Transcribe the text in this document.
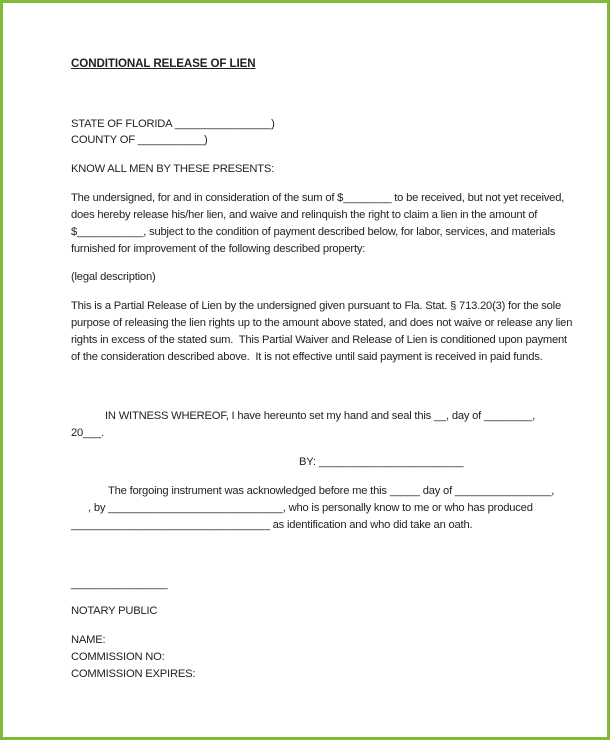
CONDITIONAL RELEASE OF LIEN
STATE OF FLORIDA ________________)
COUNTY OF ___________)
KNOW ALL MEN BY THESE PRESENTS:
The undersigned, for and in consideration of the sum of $________ to be received, but not yet received,
does hereby release his/her lien, and waive and relinquish the right to claim a lien in the amount of
$___________, subject to the condition of payment described below, for labor, services, and materials
furnished for improvement of the following described property:
(legal description)
This is a Partial Release of Lien by the undersigned given pursuant to Fla. Stat. § 713.20(3) for the sole
purpose of releasing the lien rights up to the amount above stated, and does not waive or release any lien
rights in excess of the stated sum.  This Partial Waiver and Release of Lien is conditioned upon payment
of the consideration described above.  It is not effective until said payment is received in paid funds.
IN WITNESS WHEREOF, I have hereunto set my hand and seal this __, day of ________,
20___.
BY: ________________________
The forgoing instrument was acknowledged before me this _____ day of ________________,
, by _____________________________, who is personally know to me or who has produced
_________________________________ as identification and who did take an oath.
________________
NOTARY PUBLIC
NAME:
COMMISSION NO:
COMMISSION EXPIRES:
